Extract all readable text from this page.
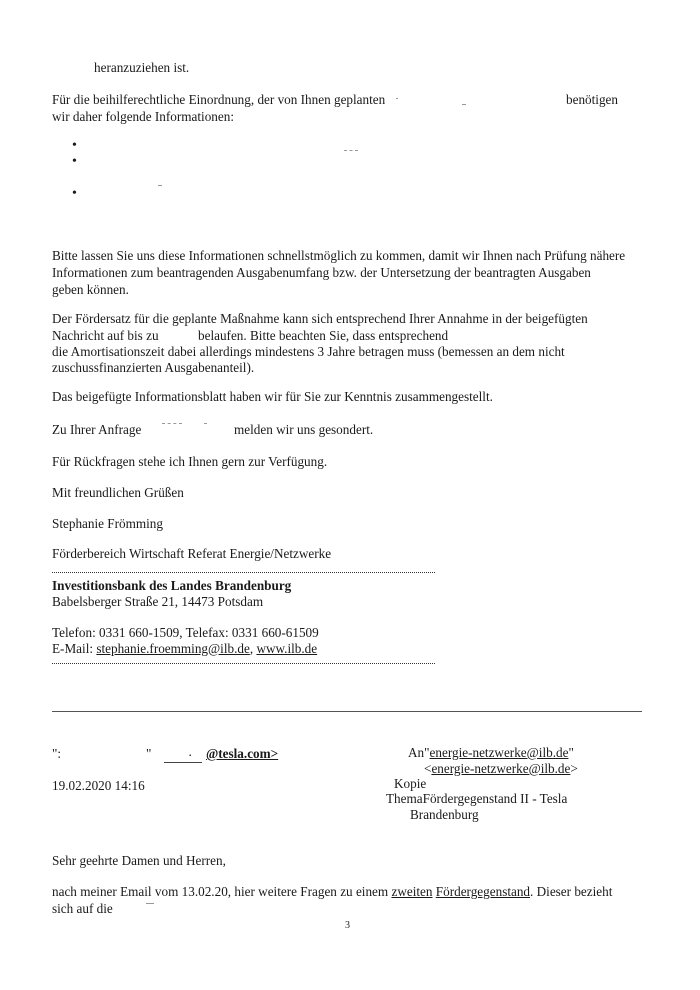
heranzuziehen ist.
Für die beihilferechtliche Einordnung, der von Ihnen geplanten	benötigen
wir daher folgende Informationen:
•
•
•
Bitte lassen Sie uns diese Informationen schnellstmöglich zu kommen, damit wir Ihnen nach Prüfung nähere
Informationen zum beantragenden Ausgabenumfang bzw. der Untersetzung der beantragten Ausgaben
geben können.
Der Fördersatz für die geplante Maßnahme kann sich entsprechend Ihrer Annahme in der beigefügten
Nachricht auf bis zu	belaufen. Bitte beachten Sie, dass entsprechend
die Amortisationszeit dabei allerdings mindestens 3 Jahre betragen muss (bemessen an dem nicht
zuschussfinanzierten Ausgabenanteil).
Das beigefügte Informationsblatt haben wir für Sie zur Kenntnis zusammengestellt.
Zu Ihrer Anfrage	melden wir uns gesondert.
Für Rückfragen stehe ich Ihnen gern zur Verfügung.
Mit freundlichen Grüßen
Stephanie Frömming
Förderbereich Wirtschaft Referat Energie/Netzwerke
Investitionsbank des Landes Brandenburg
Babelsberger Straße 21, 14473 Potsdam
Telefon: 0331 660-1509, Telefax: 0331 660-61509
E-Mail: stephanie.froemming@ilb.de, www.ilb.de
":	"	· @tesla.com>	An"energie-netzwerke@ilb.de"
<energie-netzwerke@ilb.de>
19.02.2020 14:16	Kopie
ThemaFördergegenstand II - Tesla
Brandenburg
Sehr geehrte Damen und Herren,
nach meiner Email vom 13.02.20, hier weitere Fragen zu einem zweiten Fördergegenstand. Dieser bezieht
sich auf die
3
